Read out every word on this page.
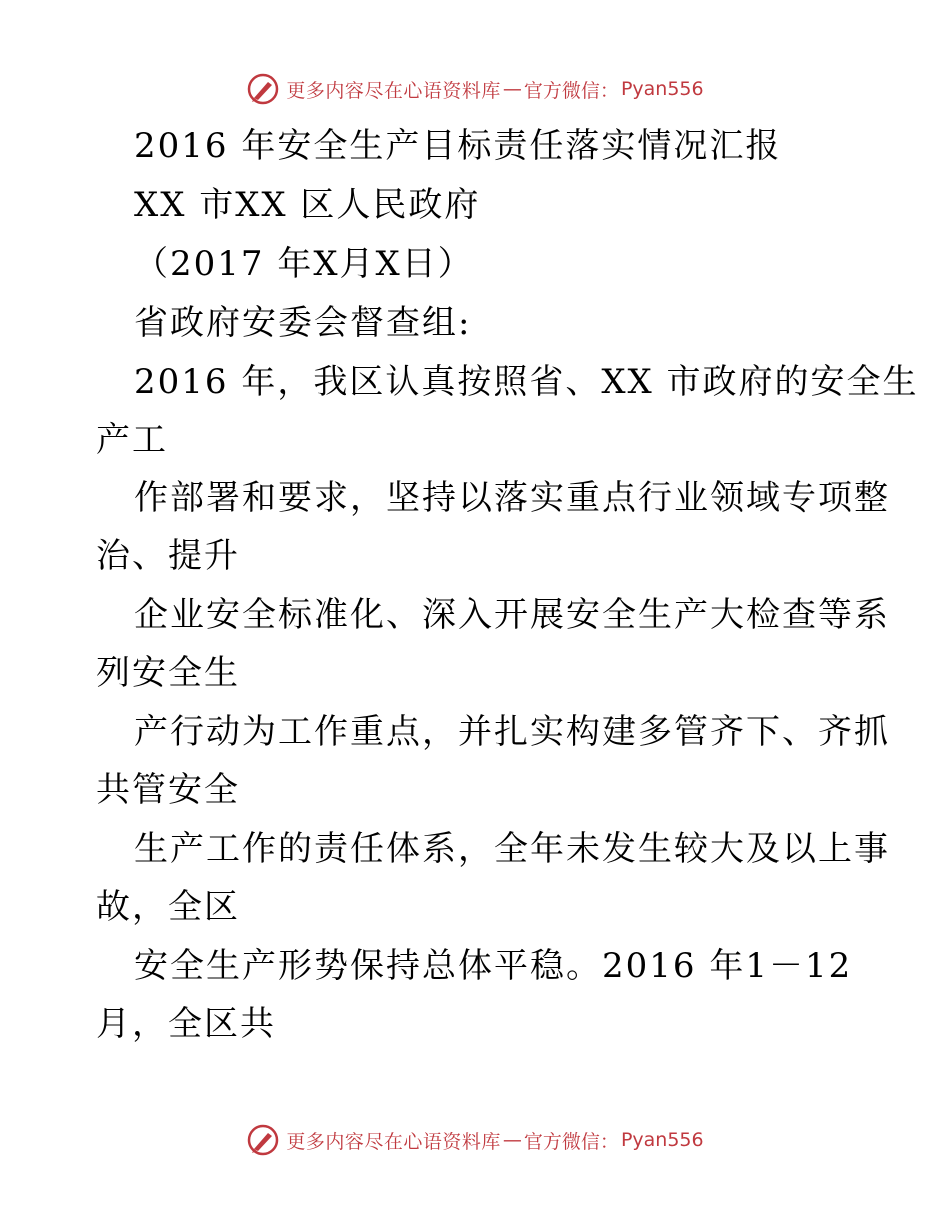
更多内容尽在心语资料库 — 官方微信： Pyan556
2016 年安全生产目标责任落实情况汇报
XX 市XX 区人民政府
（2017 年X月X日）
省政府安委会督查组:
2016 年，我区认真按照省、XX 市政府的安全生
产工
作部署和要求，坚持以落实重点行业领域专项整
治、提升
企业安全标准化、深入开展安全生产大检查等系
列安全生
产行动为工作重点，并扎实构建多管齐下、齐抓
共管安全
生产工作的责任体系，全年未发生较大及以上事
故，全区
安全生产形势保持总体平稳。2016 年1－12
月，全区共
更多内容尽在心语资料库 — 官方微信： Pyan556
